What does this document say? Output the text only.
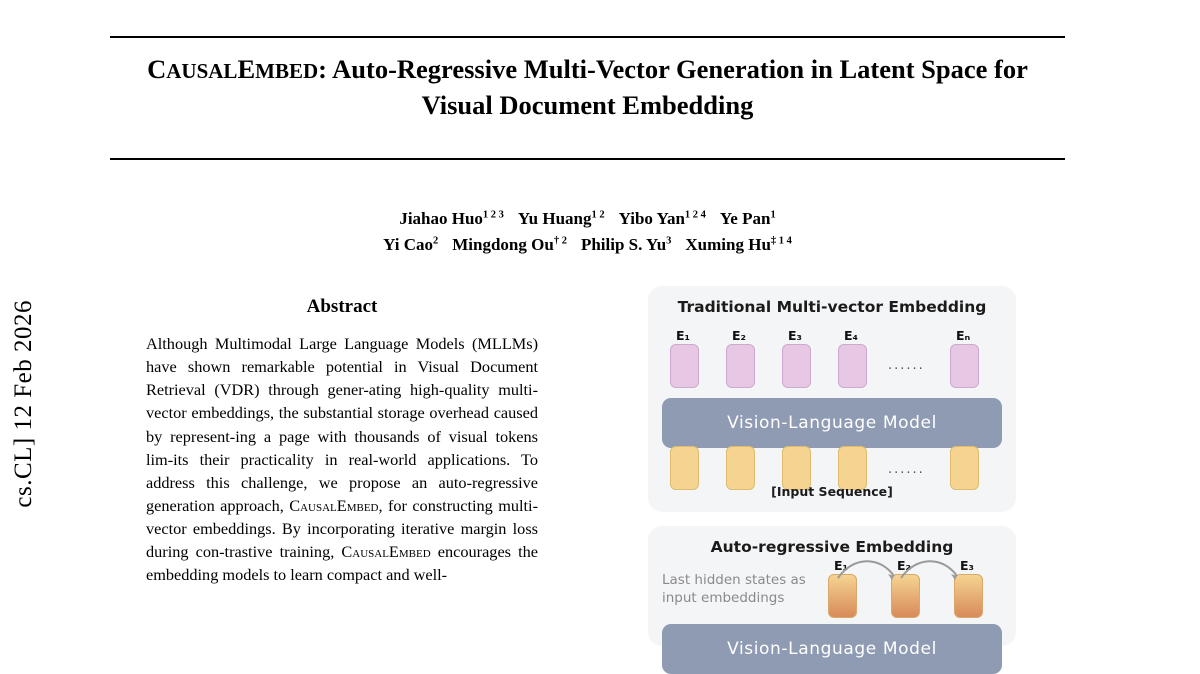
cs.CL] 12 Feb 2026
CAUSALEMBED: Auto-Regressive Multi-Vector Generation in Latent Space for
Visual Document Embedding
Jiahao Huo$^{1 2 3}$ Yu Huang$^{1 2}$ Yibo Yan$^{1 2 4}$ Ye Pan$^1$
Yi Cao$^2$ Mingdong Ou$^{\dagger 2}$ Philip S. Yu$^3$ Xuming $Hu^{\ddagger 1 4}$
Abstract
Although Multimodal Large Language Models (MLLMs) have shown remarkable potential in Visual Document Retrieval (VDR) through gener-ating high-quality multi-vector embeddings, the substantial storage overhead caused by represent-ing a page with thousands of visual tokens lim-its their practicality in real-world applications. To address this challenge, we propose an auto-regressive generation approach, CausalEmbed, for constructing multi-vector embeddings. By incorporating iterative margin loss during con-trastive training, CausalEmbed encourages the embedding models to learn compact and well-
Traditional Multi-vector Embedding
E₁	E₂	E₃	E₄	Eₙ
......
Vision-Language Model
......
[Input Sequence]
Auto-regressive Embedding
Last hidden states as input embeddings
E₁	E₂	E₃
Vision-Language Model
